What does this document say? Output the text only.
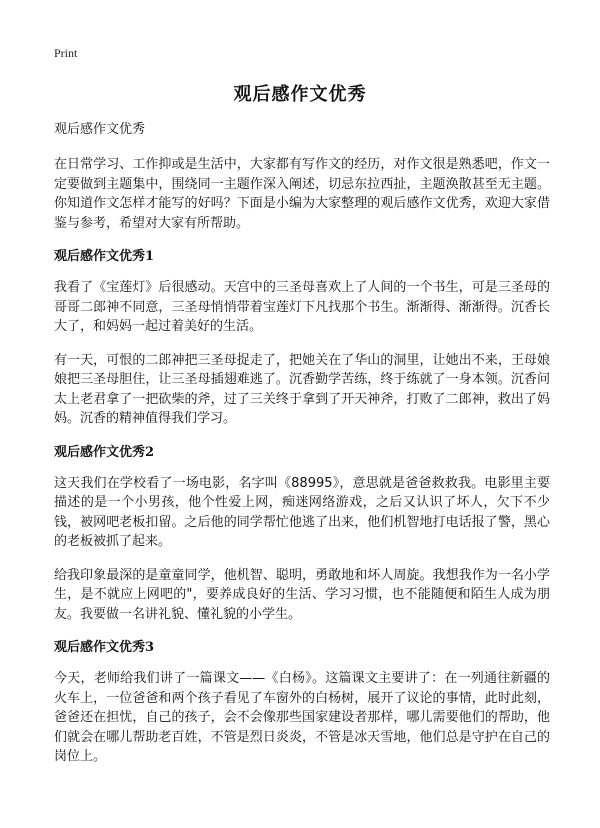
Print
观后感作文优秀
观后感作文优秀

在日常学习、工作抑或是生活中，大家都有写作文的经历，对作文很是熟悉吧，作文一定要做到主题集中，围绕同一主题作深入阐述，切忌东拉西扯，主题涣散甚至无主题。你知道作文怎样才能写的好吗？下面是小编为大家整理的观后感作文优秀，欢迎大家借鉴与参考，希望对大家有所帮助。

观后感作文优秀1

我看了《宝莲灯》后很感动。天宫中的三圣母喜欢上了人间的一个书生，可是三圣母的哥哥二郎神不同意，三圣母悄悄带着宝莲灯下凡找那个书生。渐渐得、渐渐得。沉香长大了，和妈妈一起过着美好的生活。

有一天，可恨的二郎神把三圣母捉走了，把她关在了华山的洞里，让她出不来，王母娘娘把三圣母胆住，让三圣母插翅难逃了。沉香勤学苦练，终于练就了一身本领。沉香问太上老君拿了一把砍柴的斧，过了三关终于拿到了开天神斧，打败了二郎神，救出了妈妈。沉香的精神值得我们学习。

观后感作文优秀2

这天我们在学校看了一场电影，名字叫《88995》，意思就是爸爸救救我。电影里主要描述的是一个小男孩，他个性爱上网，痴迷网络游戏，之后又认识了坏人，欠下不少钱，被网吧老板扣留。之后他的同学帮忙他逃了出来，他们机智地打电话报了警，黑心的老板被抓了起来。

给我印象最深的是童童同学，他机智、聪明，勇敢地和坏人周旋。我想我作为一名小学生，是不就应上网吧的"，要养成良好的生活、学习习惯，也不能随便和陌生人成为朋友。我要做一名讲礼貌、懂礼貌的小学生。

观后感作文优秀3

今天，老师给我们讲了一篇课文——《白杨》。这篇课文主要讲了：在一列通往新疆的火车上，一位爸爸和两个孩子看见了车窗外的白杨树，展开了议论的事情，此时此刻，爸爸还在担忧，自己的孩子，会不会像那些国家建设者那样，哪儿需要他们的帮助，他们就会在哪儿帮助老百姓，不管是烈日炎炎，不管是冰天雪地，他们总是守护在自己的岗位上。
